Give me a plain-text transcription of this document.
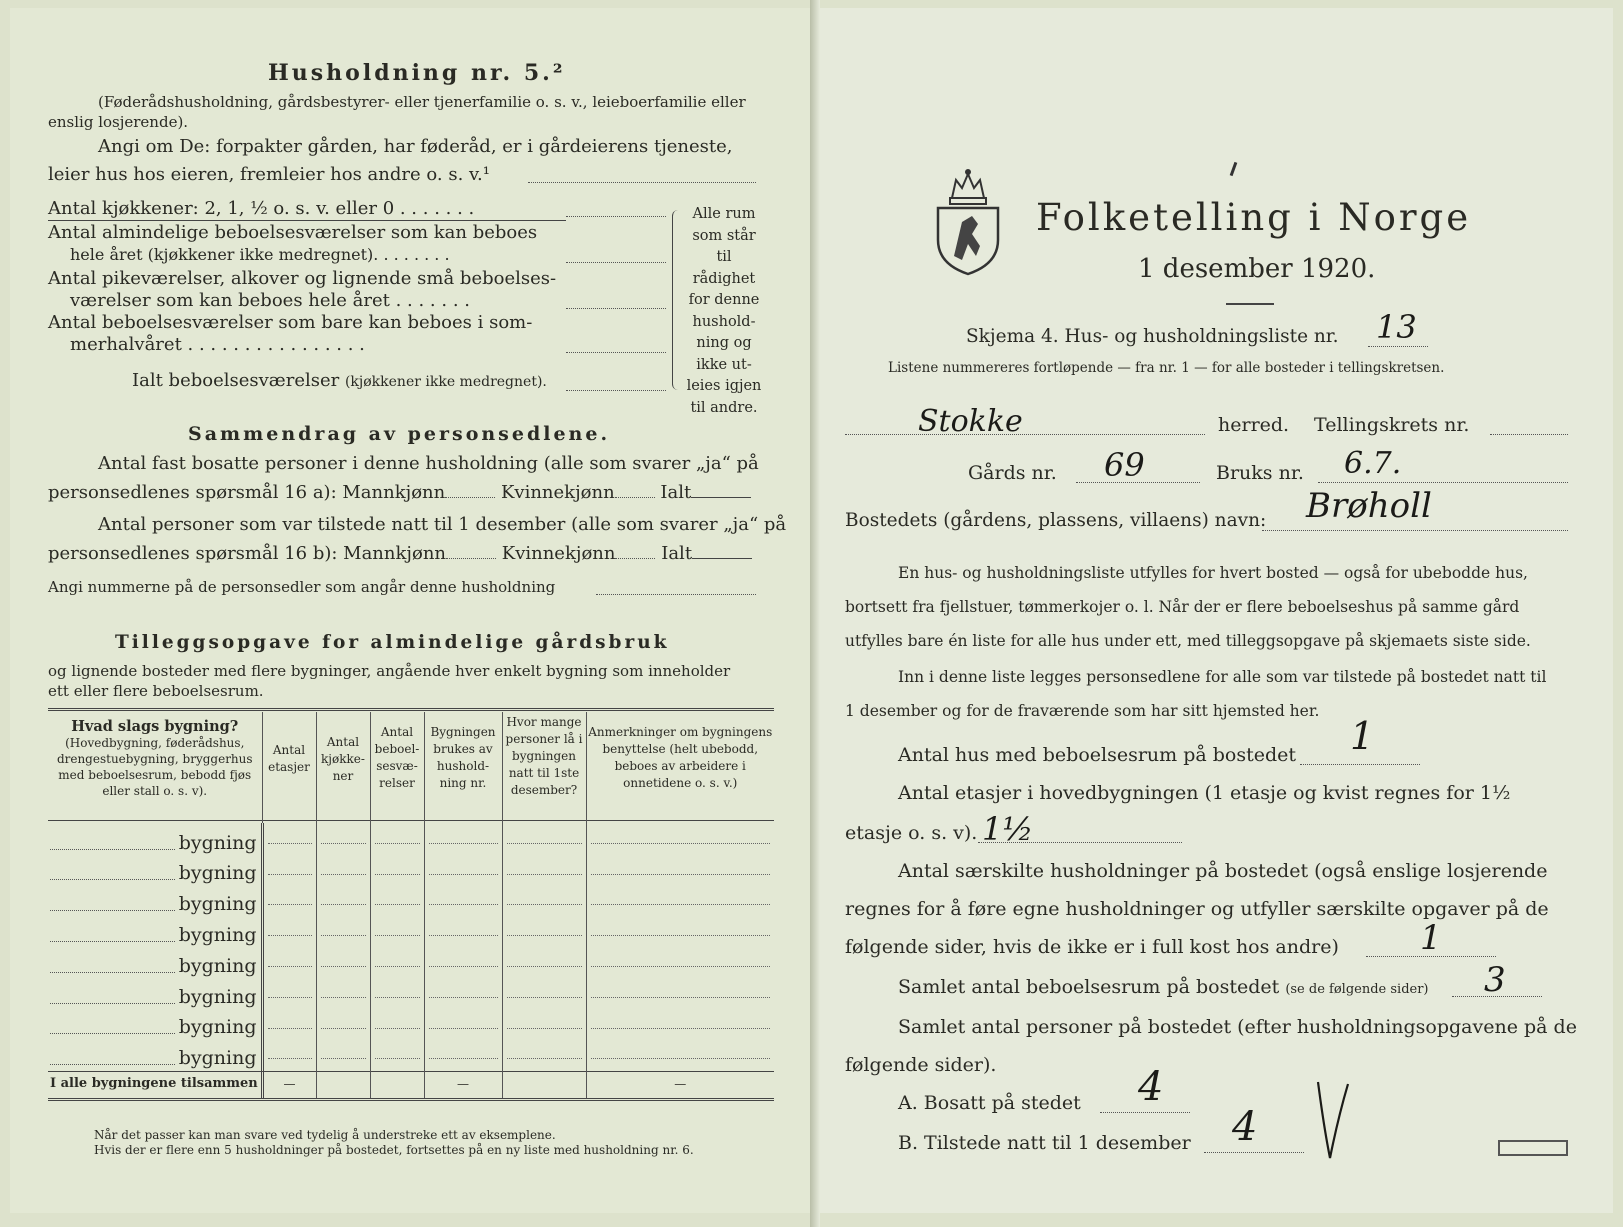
Husholdning nr. 5.²
(Føderådshusholdning, gårdsbestyrer- eller tjenerfamilie o. s. v., leieboerfamilie eller enslig losjerende).
Angi om De: forpakter gården, har føderåd, er i gårdeierens tjeneste,
leier hus hos eieren, fremleier hos andre o. s. v.¹
Antal kjøkkener: 2, 1, ½ o. s. v. eller 0 . . . . . . .
Antal almindelige beboelsesværelser som kan beboes
hele året (kjøkkener ikke medregnet). . . . . . . .
Antal pikeværelser, alkover og lignende små beboelses-
værelser som kan beboes hele året . . . . . . .
Antal beboelsesværelser som bare kan beboes i som-
merhalvåret . . . . . . . . . . . . . . . .
Ialt beboelsesværelser (kjøkkener ikke medregnet).
Alle rum
som står til
rådighet
for denne
hushold-
ning og
ikke ut-
leies igjen
til andre.
Sammendrag av personsedlene.
Antal fast bosatte personer i denne husholdning (alle som svarer „ja“ på
personsedlenes spørsmål 16 a): Mannkjønn	Kvinnekjønn	Ialt
Antal personer som var tilstede natt til 1 desember (alle som svarer „ja“ på
personsedlenes spørsmål 16 b): Mannkjønn	Kvinnekjønn	Ialt
Angi nummerne på de personsedler som angår denne husholdning
Tilleggsopgave for almindelige gårdsbruk
og lignende bosteder med flere bygninger, angående hver enkelt bygning som inneholder
ett eller flere beboelsesrum.
Hvad slags bygning?
(Hovedbygning, føderådshus, drengestuebygning, bryggerhus med beboelsesrum, bebodd fjøs eller stall o. s. v).	Antal etasjer	Antal kjøkke-ner	Antal beboel-sesvæ-relser	Bygningen brukes av hushold-ning nr.	Hvor mange personer lå i bygningen natt til 1ste desember?	Anmerkninger om bygningens benyttelse (helt ubebodd, beboes av arbeidere i onnetidene o. s. v.)

bygning						

bygning						

bygning						

bygning						

bygning						

bygning						

bygning						

bygning						

I alle bygningene tilsammen	—			—		—
Når det passer kan man svare ved tydelig å understreke ett av eksemplene.
Hvis der er flere enn 5 husholdninger på bostedet, fortsettes på en ny liste med husholdning nr. 6.
Folketelling i Norge
1 desember 1920.
Skjema 4. Hus- og husholdningsliste nr. 13
Listene nummereres fortløpende — fra nr. 1 — for alle bosteder i tellingskretsen.
Stokke	herred. Tellingskrets nr.
Gårds nr. 69	Bruks nr. 6.7.
Bostedets (gårdens, plassens, villaens) navn: Brøholl
En hus- og husholdningsliste utfylles for hvert bosted — også for ubebodde hus,
bortsett fra fjellstuer, tømmerkojer o. l. Når der er flere beboelseshus på samme gård
utfylles bare én liste for alle hus under ett, med tilleggsopgave på skjemaets siste side.
Inn i denne liste legges personsedlene for alle som var tilstede på bostedet natt til
1 desember og for de fraværende som har sitt hjemsted her.
Antal hus med beboelsesrum på bostedet 1
Antal etasjer i hovedbygningen (1 etasje og kvist regnes for 1½
etasje o. s. v). 1½
Antal særskilte husholdninger på bostedet (også enslige losjerende
regnes for å føre egne husholdninger og utfyller særskilte opgaver på de
følgende sider, hvis de ikke er i full kost hos andre) 1
Samlet antal beboelsesrum på bostedet (se de følgende sider) 3
Samlet antal personer på bostedet (efter husholdningsopgavene på de
følgende sider).
A. Bosatt på stedet 4
B. Tilstede natt til 1 desember 4
